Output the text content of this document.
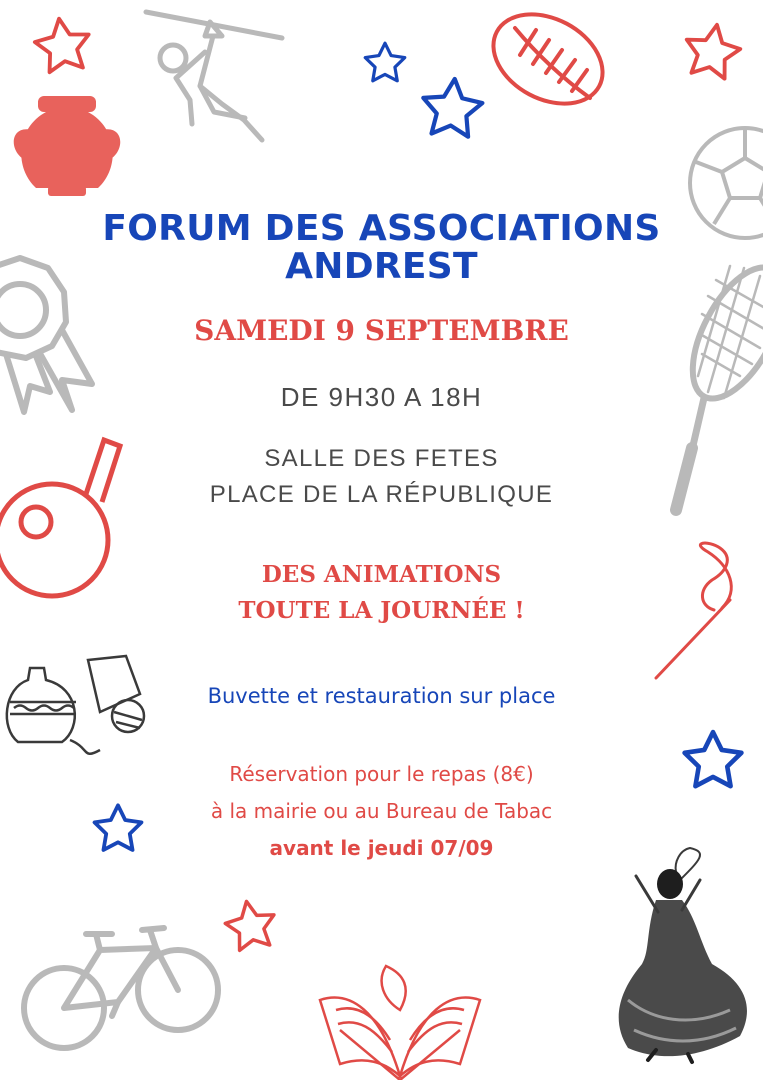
FORUM DES ASSOCIATIONS
ANDREST
SAMEDI 9 SEPTEMBRE
DE 9H30 A 18H
SALLE DES FETES
PLACE DE LA RÉPUBLIQUE
DES ANIMATIONS
TOUTE LA JOURNÉE !
Buvette et restauration sur place
Réservation pour le repas (8€)
à la mairie ou au Bureau de Tabac
avant le jeudi 07/09
